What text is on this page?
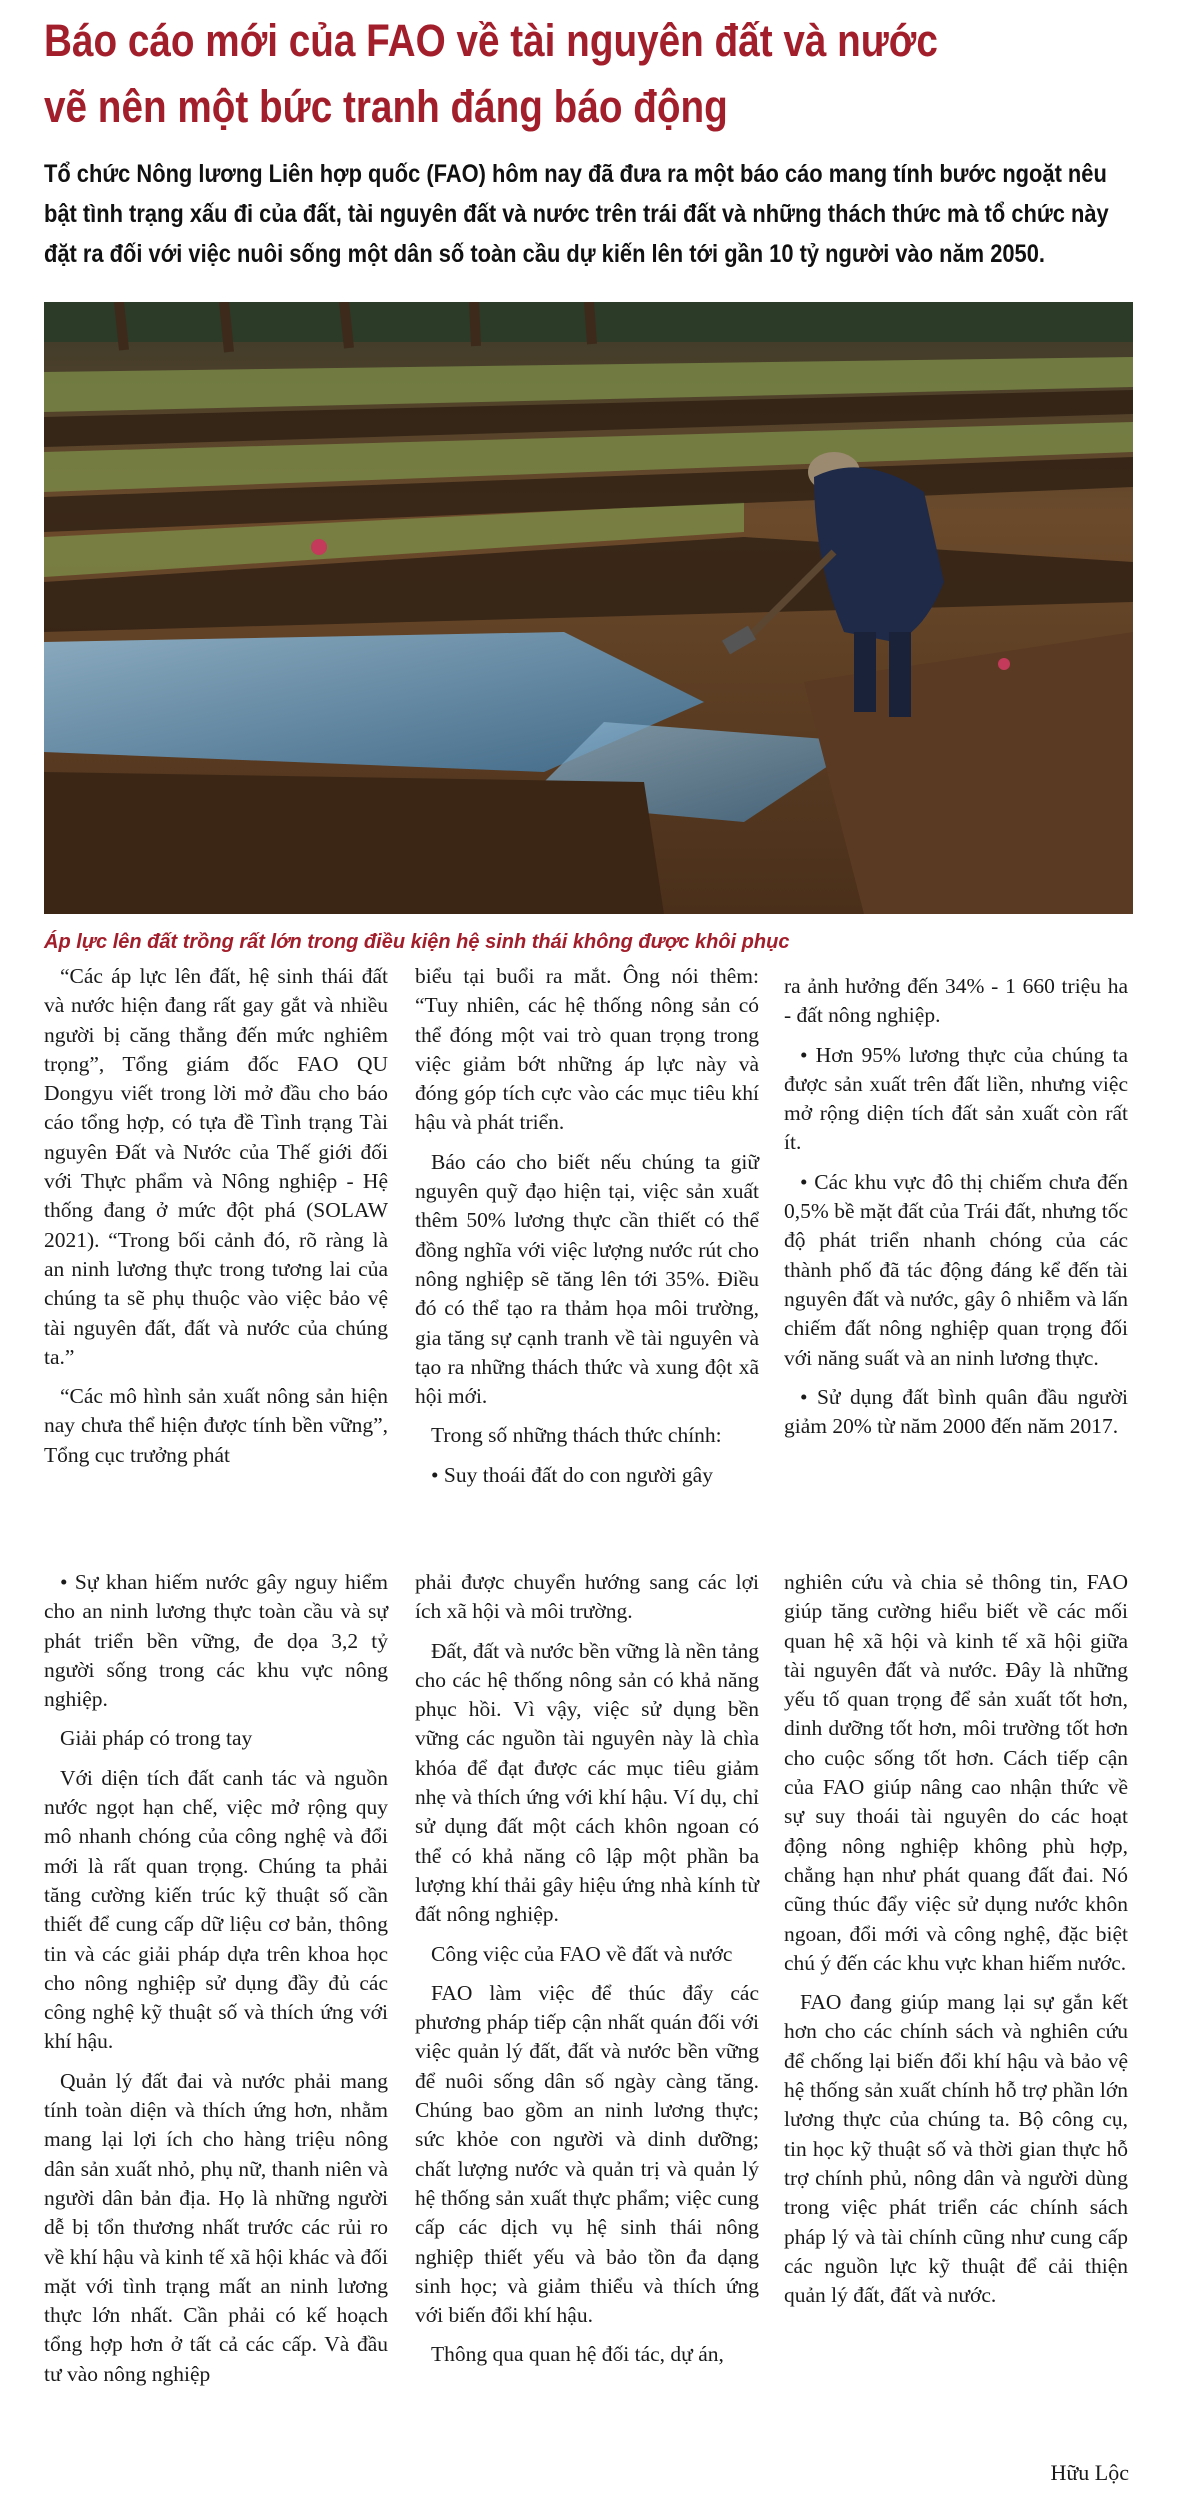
Báo cáo mới của FAO về tài nguyên đất và nước vẽ nên một bức tranh đáng báo động

Tổ chức Nông lương Liên hợp quốc (FAO) hôm nay đã đưa ra một báo cáo mang tính bước ngoặt nêu bật tình trạng xấu đi của đất, tài nguyên đất và nước trên trái đất và những thách thức mà tổ chức này đặt ra đối với việc nuôi sống một dân số toàn cầu dự kiến lên tới gần 10 tỷ người vào năm 2050.

Áp lực lên đất trồng rất lớn trong điều kiện hệ sinh thái không được khôi phục

“Các áp lực lên đất, hệ sinh thái đất và nước hiện đang rất gay gắt và nhiều người bị căng thẳng đến mức nghiêm trọng”, Tổng giám đốc FAO QU Dongyu viết trong lời mở đầu cho báo cáo tổng hợp, có tựa đề Tình trạng Tài nguyên Đất và Nước của Thế giới đối với Thực phẩm và Nông nghiệp - Hệ thống đang ở mức đột phá (SOLAW 2021). “Trong bối cảnh đó, rõ ràng là an ninh lương thực trong tương lai của chúng ta sẽ phụ thuộc vào việc bảo vệ tài nguyên đất, đất và nước của chúng ta.”

“Các mô hình sản xuất nông sản hiện nay chưa thể hiện được tính bền vững”, Tổng cục trưởng phát

biểu tại buổi ra mắt. Ông nói thêm: “Tuy nhiên, các hệ thống nông sản có thể đóng một vai trò quan trọng trong việc giảm bớt những áp lực này và đóng góp tích cực vào các mục tiêu khí hậu và phát triển.

Báo cáo cho biết nếu chúng ta giữ nguyên quỹ đạo hiện tại, việc sản xuất thêm 50% lương thực cần thiết có thể đồng nghĩa với việc lượng nước rút cho nông nghiệp sẽ tăng lên tới 35%. Điều đó có thể tạo ra thảm họa môi trường, gia tăng sự cạnh tranh về tài nguyên và tạo ra những thách thức và xung đột xã hội mới.

Trong số những thách thức chính:

• Suy thoái đất do con người gây

ra ảnh hưởng đến 34% - 1 660 triệu ha - đất nông nghiệp.

• Hơn 95% lương thực của chúng ta được sản xuất trên đất liền, nhưng việc mở rộng diện tích đất sản xuất còn rất ít.

• Các khu vực đô thị chiếm chưa đến 0,5% bề mặt đất của Trái đất, nhưng tốc độ phát triển nhanh chóng của các thành phố đã tác động đáng kể đến tài nguyên đất và nước, gây ô nhiễm và lấn chiếm đất nông nghiệp quan trọng đối với năng suất và an ninh lương thực.

• Sử dụng đất bình quân đầu người giảm 20% từ năm 2000 đến năm 2017.

• Sự khan hiếm nước gây nguy hiểm cho an ninh lương thực toàn cầu và sự phát triển bền vững, đe dọa 3,2 tỷ người sống trong các khu vực nông nghiệp.

Giải pháp có trong tay

Với diện tích đất canh tác và nguồn nước ngọt hạn chế, việc mở rộng quy mô nhanh chóng của công nghệ và đổi mới là rất quan trọng. Chúng ta phải tăng cường kiến trúc kỹ thuật số cần thiết để cung cấp dữ liệu cơ bản, thông tin và các giải pháp dựa trên khoa học cho nông nghiệp sử dụng đầy đủ các công nghệ kỹ thuật số và thích ứng với khí hậu.

Quản lý đất đai và nước phải mang tính toàn diện và thích ứng hơn, nhằm mang lại lợi ích cho hàng triệu nông dân sản xuất nhỏ, phụ nữ, thanh niên và người dân bản địa. Họ là những người dễ bị tổn thương nhất trước các rủi ro về khí hậu và kinh tế xã hội khác và đối mặt với tình trạng mất an ninh lương thực lớn nhất. Cần phải có kế hoạch tổng hợp hơn ở tất cả các cấp. Và đầu tư vào nông nghiệp

phải được chuyển hướng sang các lợi ích xã hội và môi trường.

Đất, đất và nước bền vững là nền tảng cho các hệ thống nông sản có khả năng phục hồi. Vì vậy, việc sử dụng bền vững các nguồn tài nguyên này là chìa khóa để đạt được các mục tiêu giảm nhẹ và thích ứng với khí hậu. Ví dụ, chỉ sử dụng đất một cách khôn ngoan có thể có khả năng cô lập một phần ba lượng khí thải gây hiệu ứng nhà kính từ đất nông nghiệp.

Công việc của FAO về đất và nước

FAO làm việc để thúc đẩy các phương pháp tiếp cận nhất quán đối với việc quản lý đất, đất và nước bền vững để nuôi sống dân số ngày càng tăng. Chúng bao gồm an ninh lương thực; sức khỏe con người và dinh dưỡng; chất lượng nước và quản trị và quản lý hệ thống sản xuất thực phẩm; việc cung cấp các dịch vụ hệ sinh thái nông nghiệp thiết yếu và bảo tồn đa dạng sinh học; và giảm thiểu và thích ứng với biến đổi khí hậu.

Thông qua quan hệ đối tác, dự án,

nghiên cứu và chia sẻ thông tin, FAO giúp tăng cường hiểu biết về các mối quan hệ xã hội và kinh tế xã hội giữa tài nguyên đất và nước. Đây là những yếu tố quan trọng để sản xuất tốt hơn, dinh dưỡng tốt hơn, môi trường tốt hơn cho cuộc sống tốt hơn. Cách tiếp cận của FAO giúp nâng cao nhận thức về sự suy thoái tài nguyên do các hoạt động nông nghiệp không phù hợp, chẳng hạn như phát quang đất đai. Nó cũng thúc đẩy việc sử dụng nước khôn ngoan, đổi mới và công nghệ, đặc biệt chú ý đến các khu vực khan hiếm nước.

FAO đang giúp mang lại sự gắn kết hơn cho các chính sách và nghiên cứu để chống lại biến đổi khí hậu và bảo vệ hệ thống sản xuất chính hỗ trợ phần lớn lương thực của chúng ta. Bộ công cụ, tin học kỹ thuật số và thời gian thực hỗ trợ chính phủ, nông dân và người dùng trong việc phát triển các chính sách pháp lý và tài chính cũng như cung cấp các nguồn lực kỹ thuật để cải thiện quản lý đất, đất và nước.

Hữu Lộc
